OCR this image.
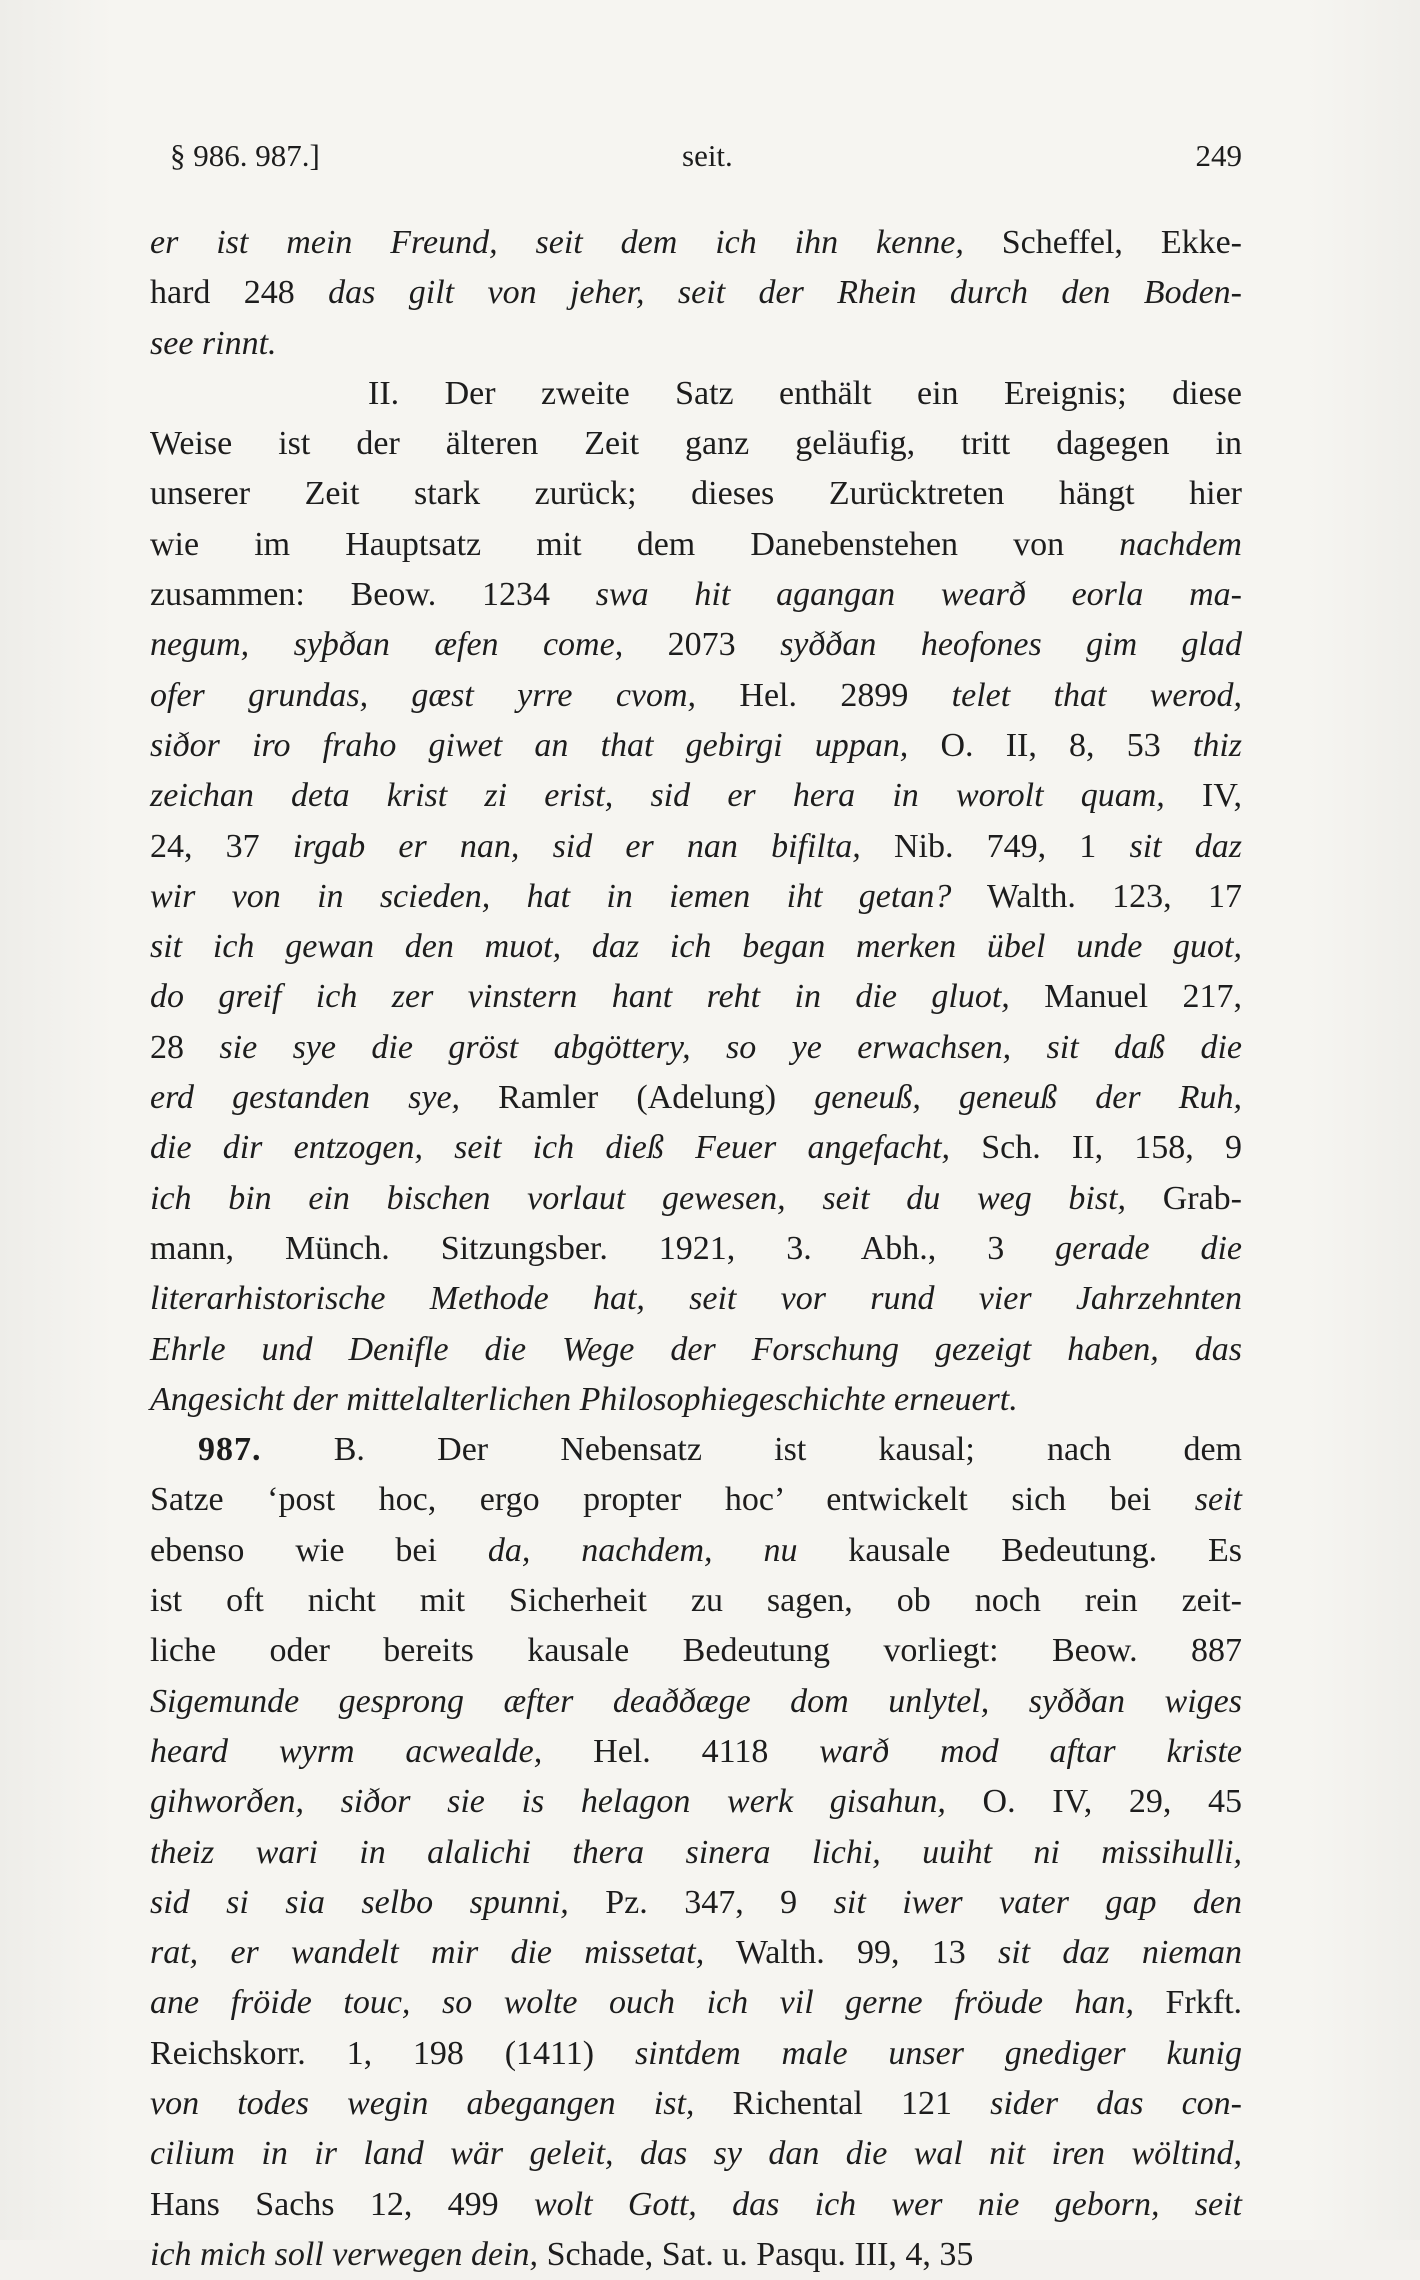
§ 986. 987.]	seit.	249
er ist mein Freund, seit dem ich ihn kenne, Scheffel, Ekke-
hard 248 das gilt von jeher, seit der Rhein durch den Boden-
see rinnt.
II. Der zweite Satz enthält ein Ereignis; diese
Weise ist der älteren Zeit ganz geläufig, tritt dagegen in
unserer Zeit stark zurück; dieses Zurücktreten hängt hier
wie im Hauptsatz mit dem Danebenstehen von nachdem
zusammen: Beow. 1234 swa hit agangan wearð eorla ma-
negum, syþðan æfen come, 2073 syððan heofones gim glad
ofer grundas, gæst yrre cvom, Hel. 2899 telet that werod,
siðor iro fraho giwet an that gebirgi uppan, O. II, 8, 53 thiz
zeichan deta krist zi erist, sid er hera in worolt quam, IV,
24, 37 irgab er nan, sid er nan bifilta, Nib. 749, 1 sit daz
wir von in scieden, hat in iemen iht getan? Walth. 123, 17
sit ich gewan den muot, daz ich began merken übel unde guot,
do greif ich zer vinstern hant reht in die gluot, Manuel 217,
28 sie sye die gröst abgöttery, so ye erwachsen, sit daß die
erd gestanden sye, Ramler (Adelung) geneuß, geneuß der Ruh,
die dir entzogen, seit ich dieß Feuer angefacht, Sch. II, 158, 9
ich bin ein bischen vorlaut gewesen, seit du weg bist, Grab-
mann, Münch. Sitzungsber. 1921, 3. Abh., 3 gerade die
literarhistorische Methode hat, seit vor rund vier Jahrzehnten
Ehrle und Denifle die Wege der Forschung gezeigt haben, das
Angesicht der mittelalterlichen Philosophiegeschichte erneuert.
987. B. Der Nebensatz ist kausal; nach dem
Satze ‘post hoc, ergo propter hoc’ entwickelt sich bei seit
ebenso wie bei da, nachdem, nu kausale Bedeutung. Es
ist oft nicht mit Sicherheit zu sagen, ob noch rein zeit-
liche oder bereits kausale Bedeutung vorliegt: Beow. 887
Sigemunde gesprong æfter deaððæge dom unlytel, syððan wiges
heard wyrm acwealde, Hel. 4118 warð mod aftar kriste
gihworðen, siðor sie is helagon werk gisahun, O. IV, 29, 45
theiz wari in alalichi thera sinera lichi, uuiht ni missihulli,
sid si sia selbo spunni, Pz. 347, 9 sit iwer vater gap den
rat, er wandelt mir die missetat, Walth. 99, 13 sit daz nieman
ane fröide touc, so wolte ouch ich vil gerne fröude han, Frkft.
Reichskorr. 1, 198 (1411) sintdem male unser gnediger kunig
von todes wegin abegangen ist, Richental 121 sider das con-
cilium in ir land wär geleit, das sy dan die wal nit iren wöltind,
Hans Sachs 12, 499 wolt Gott, das ich wer nie geborn, seit
ich mich soll verwegen dein, Schade, Sat. u. Pasqu. III, 4, 35
